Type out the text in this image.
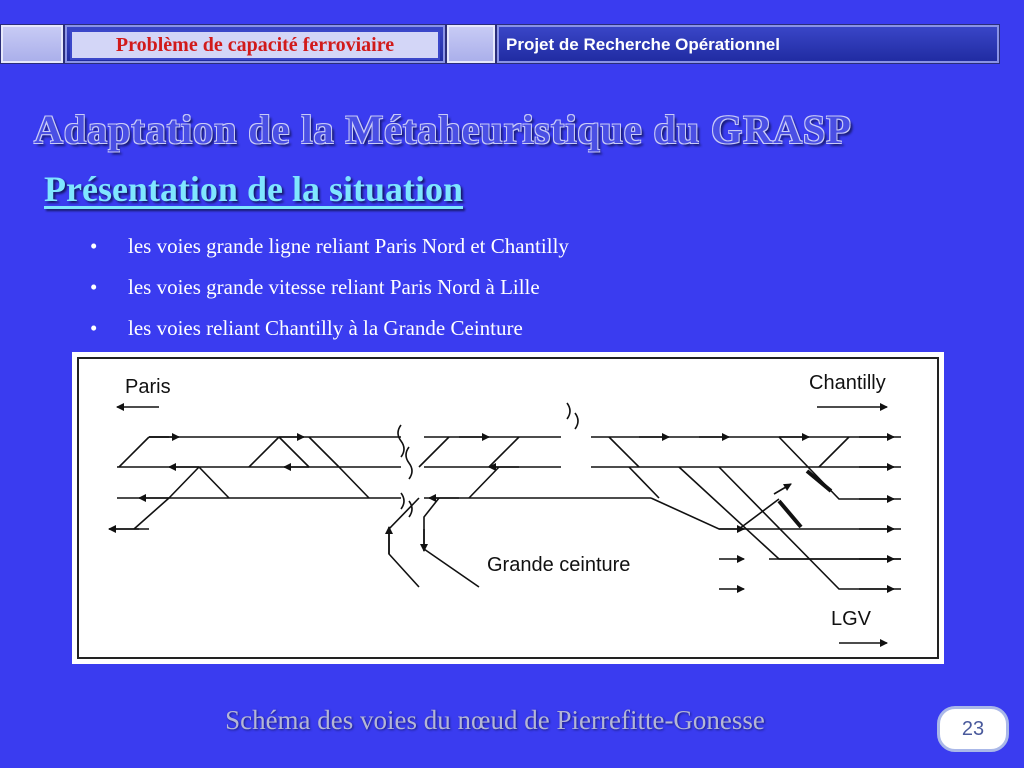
Problème de capacité ferroviaire	Projet de Recherche Opérationnel
Adaptation de la Métaheuristique du GRASP
Présentation de la situation
• les voies grande ligne reliant Paris Nord et Chantilly
• les voies grande vitesse reliant Paris Nord à Lille
• les voies reliant Chantilly à la Grande Ceinture
Paris	Chantilly
Grande ceinture
LGV
Schéma des voies du nœud de Pierrefitte-Gonesse	23
